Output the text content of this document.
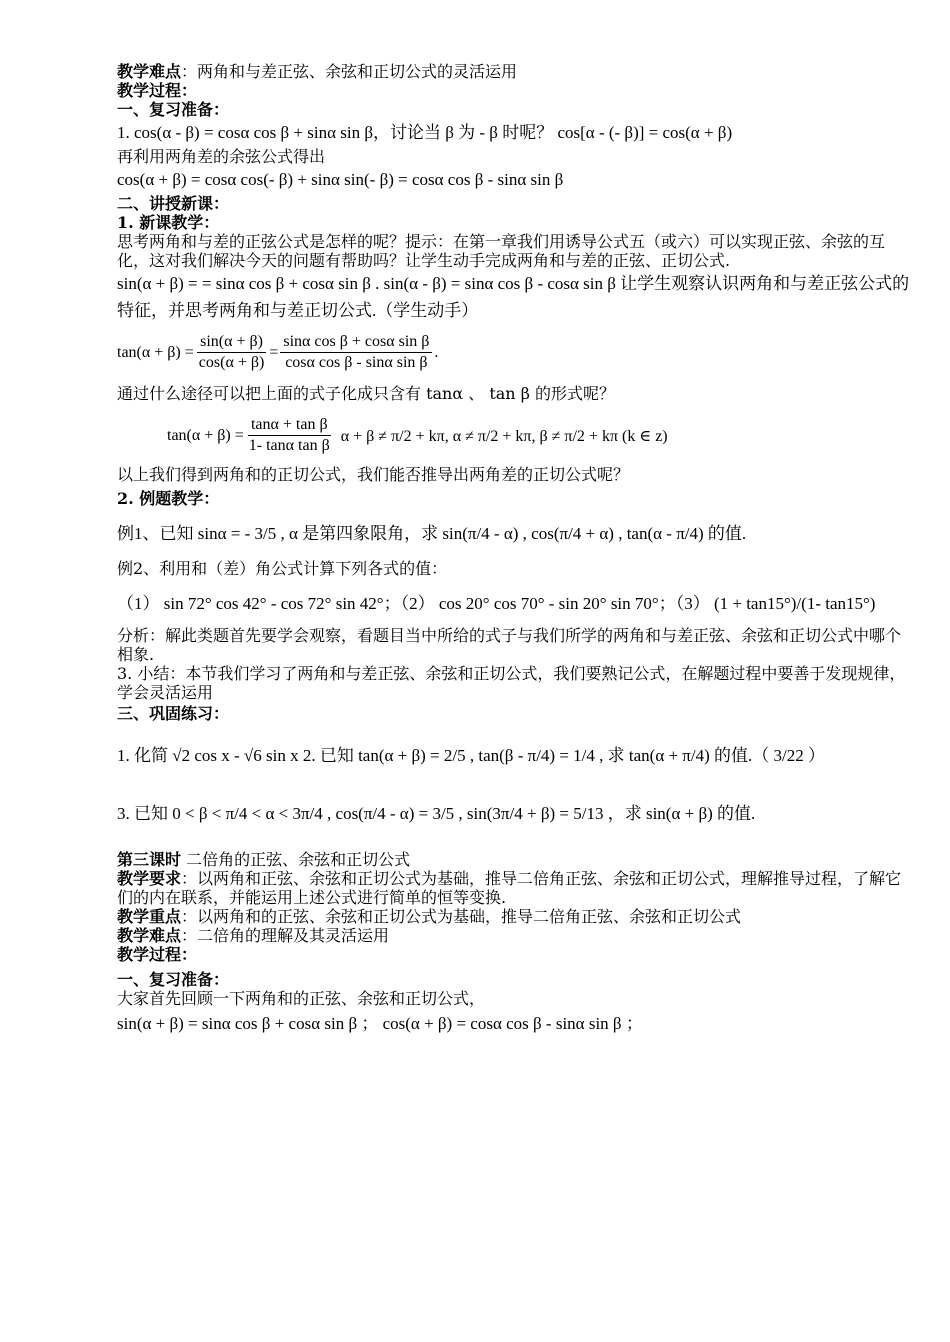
教学难点：两角和与差正弦、余弦和正切公式的灵活运用

教学过程：

一、复习准备：

1. cos(α - β) = cosα cos β + sinα sin β，讨论当 β 为 - β 时呢？ cos[α - (- β)] = cos(α + β)

再利用两角差的余弦公式得出

cos(α + β) = cosα cos(- β) + sinα sin(- β) = cosα cos β - sinα sin β

二、讲授新课：

1. 新课教学：

思考两角和与差的正弦公式是怎样的呢？提示：在第一章我们用诱导公式五（或六）可以实现正弦、余弦的互化，这对我们解决今天的问题有帮助吗？让学生动手完成两角和与差的正弦、正切公式.

sin(α + β) = = sinα cos β + cosα sin β . sin(α - β) = sinα cos β - cosα sin β 让学生观察认识两角和与差正弦公式的特征，并思考两角和与差正切公式.（学生动手）

$\tan(\alpha + \beta) = \frac{\sin(\alpha + \beta)}{\cos(\alpha + \beta)} = \frac{\text{sinα cos β + cosα sin β}}{\text{cosα cos β - sinα sin β}}$ .

通过什么途径可以把上面的式子化成只含有 tanα 、 tan β 的形式呢？

$\tan(\alpha + \beta) = \frac{\text{tanα + tan β}}{\text{1- tanα tan β}}$ α + β ≠ π/2 + kπ, α ≠ π/2 + kπ, β ≠ π/2 + kπ (k ∈ z)

以上我们得到两角和的正切公式，我们能否推导出两角差的正切公式呢？

2. 例题教学：

例1、已知 sinα = - 3/5 , α 是第四象限角，求 sin(π/4 - α) , cos(π/4 + α) , tan(α - π/4) 的值.

例2、利用和（差）角公式计算下列各式的值：

（1） sin 72° cos 42° - cos 72° sin 42°；（2） cos 20° cos 70° - sin 20° sin 70°；（3） (1 + tan15°)/(1- tan15°)

分析：解此类题首先要学会观察，看题目当中所给的式子与我们所学的两角和与差正弦、余弦和正切公式中哪个相象.

3. 小结：本节我们学习了两角和与差正弦、余弦和正切公式，我们要熟记公式，在解题过程中要善于发现规律，学会灵活运用

三、巩固练习：

1. 化简 √2 cos x - √6 sin x 2. 已知 tan(α + β) = 2/5 , tan(β - π/4) = 1/4 , 求 tan(α + π/4) 的值.（ 3/22 ）

3. 已知 0 < β < π/4 < α < 3π/4 , cos(π/4 - α) = 3/5 , sin(3π/4 + β) = 5/13 ，求 sin(α + β) 的值.

第三课时 二倍角的正弦、余弦和正切公式

教学要求：以两角和正弦、余弦和正切公式为基础，推导二倍角正弦、余弦和正切公式，理解推导过程，了解它们的内在联系，并能运用上述公式进行简单的恒等变换.

教学重点：以两角和的正弦、余弦和正切公式为基础，推导二倍角正弦、余弦和正切公式

教学难点：二倍角的理解及其灵活运用

教学过程：

一、复习准备：

大家首先回顾一下两角和的正弦、余弦和正切公式，

sin(α + β) = sinα cos β + cosα sin β ； cos(α + β) = cosα cos β - sinα sin β ；
